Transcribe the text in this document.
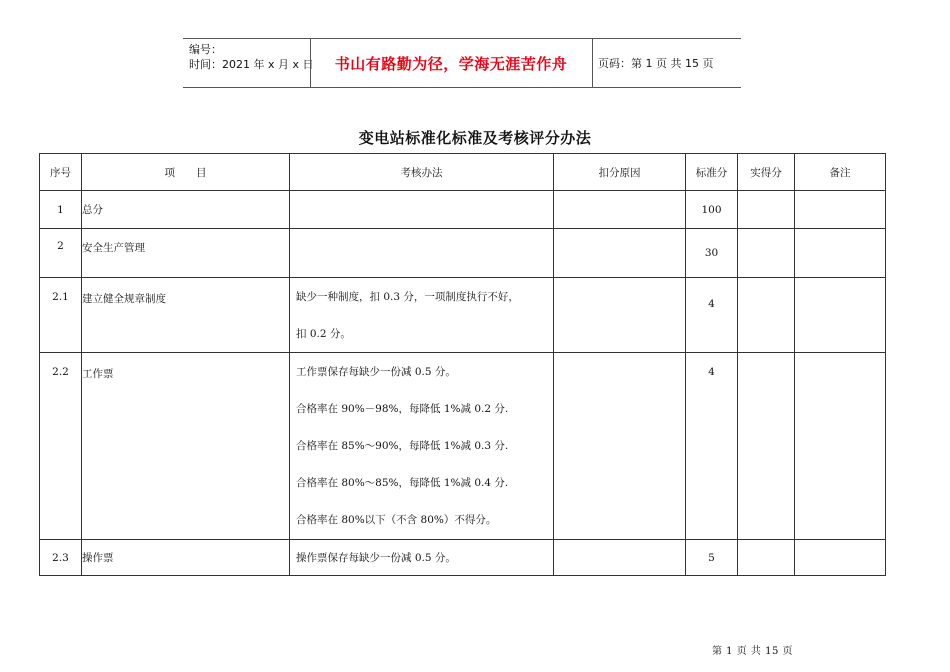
编号：
时间：2021 年 x 月 x 日	书山有路勤为径，学海无涯苦作舟	页码：第 1 页 共 15 页
变电站标准化标准及考核评分办法
序号	项　　目	考核办法	扣分原因	标准分	实得分	备注
1	总分			100		
2	安全生产管理			30		
2.1	建立健全规章制度	缺少一种制度，扣 0.3 分，一项制度执行不好，
扣 0.2 分。		4		
2.2	工作票	工作票保存每缺少一份减 0.5 分。
合格率在 90%－98%，每降低 1%减 0.2 分.
合格率在 85%～90%，每降低 1%减 0.3 分.
合格率在 80%～85%，每降低 1%减 0.4 分.
合格率在 80%以下（不含 80%）不得分。		4		
2.3	操作票	操作票保存每缺少一份减 0.5 分。		5		
第 1 页 共 15 页
